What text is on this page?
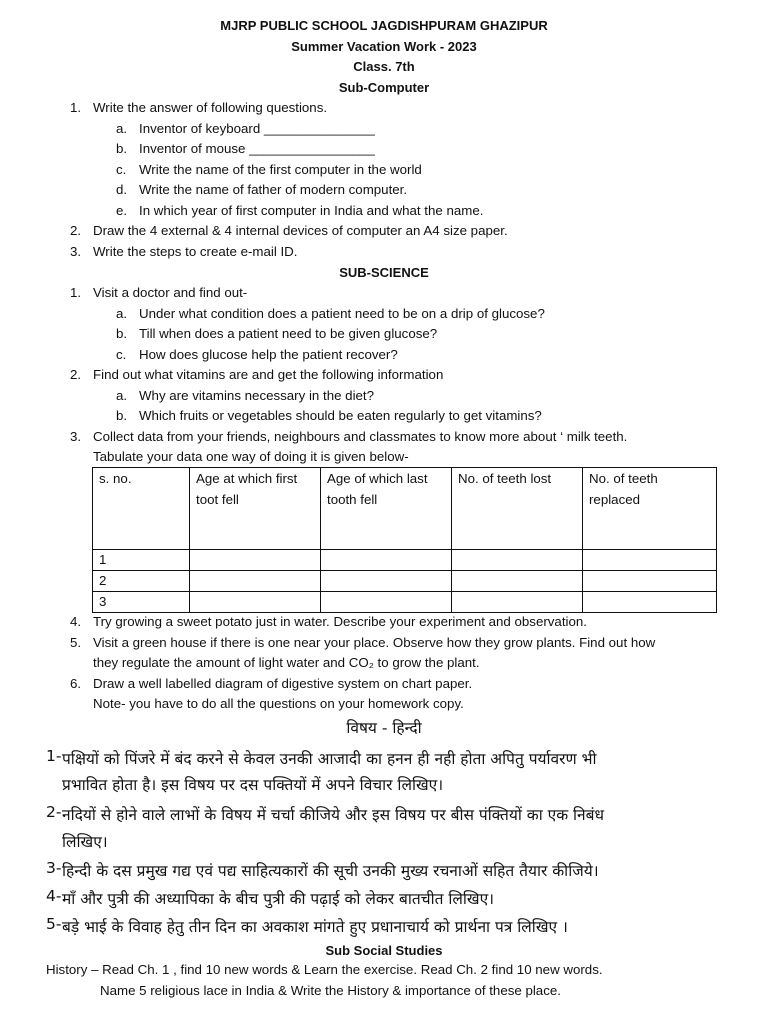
MJRP PUBLIC SCHOOL JAGDISHPURAM GHAZIPUR
Summer Vacation Work - 2023
Class. 7th
Sub-Computer
1. Write the answer of following questions.
a. Inventor of keyboard _______________
b. Inventor of mouse _________________
c. Write the name of the first computer in the world
d. Write the name of father of modern computer.
e. In which year of first computer in India and what the name.
2. Draw the 4 external & 4 internal devices of computer an A4 size paper.
3. Write the steps to create e-mail ID.
SUB-SCIENCE
1. Visit a doctor and find out-
a. Under what condition does a patient need to be on a drip of glucose?
b. Till when does a patient need to be given glucose?
c. How does glucose help the patient recover?
2. Find out what vitamins are and get the following information
a. Why are vitamins necessary in the diet?
b. Which fruits or vegetables should be eaten regularly to get vitamins?
3. Collect data from your friends, neighbours and classmates to know more about ‘ milk teeth.
Tabulate your data one way of doing it is given below-
s. no.	Age at which first toot fell	Age of which last tooth fell	No. of teeth lost	No. of teeth replaced
1				
2				
3				
4. Try growing a sweet potato just in water. Describe your experiment and observation.
5. Visit a green house if there is one near your place. Observe how they grow plants. Find out how
they regulate the amount of light water and CO₂ to grow the plant.
6. Draw a well labelled diagram of digestive system on chart paper.
Note- you have to do all the questions on your homework copy.
विषय - हिन्दी
1- पक्षियों को पिंजरे में बंद करने से केवल उनकी आजादी का हनन ही नही होता अपितु पर्यावरण भी
प्रभावित होता है। इस विषय पर दस पक्तियों में अपने विचार लिखिए।
2- नदियों से होने वाले लाभों के विषय में चर्चा कीजिये और इस विषय पर बीस पंक्तियों का एक निबंध
लिखिए।
3- हिन्दी के दस प्रमुख गद्य एवं पद्य साहित्यकारों की सूची उनकी मुख्य रचनाओं सहित तैयार कीजिये।
4- माँ और पुत्री की अध्यापिका के बीच पुत्री की पढ़ाई को लेकर बातचीत लिखिए।
5- बड़े भाई के विवाह हेतु तीन दिन का अवकाश मांगते हुए प्रधानाचार्य को प्रार्थना पत्र लिखिए ।
Sub Social Studies
History – Read Ch. 1 , find 10 new words & Learn the exercise. Read Ch. 2 find 10 new words.
Name 5 religious lace in India & Write the History & importance of these place.
